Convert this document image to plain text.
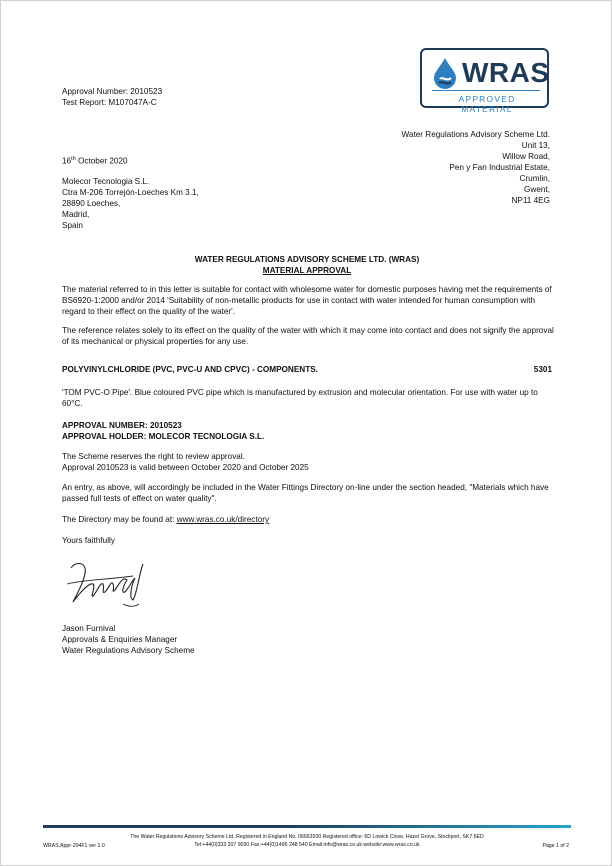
WRAS
APPROVED MATERIAL
Approval Number: 2010523
Test Report: M107047A-C

Water Regulations Advisory Scheme Ltd.

Unit 13,

Willow Road,

Pen y Fan Industrial Estate,

Crumlin,

Gwent,

NP11 4EG

16th October 2020

Molecor Tecnologia S.L.

Ctra M-206 Torrejón-Loeches Km 3.1,

28890 Loeches,

Madrid,

Spain

WATER REGULATIONS ADVISORY SCHEME LTD. (WRAS)
MATERIAL APPROVAL

The material referred to in this letter is suitable for contact with wholesome water for domestic purposes having met the requirements of BS6920-1:2000 and/or 2014 'Suitability of non-metallic products for use in contact with water intended for human consumption with regard to their effect on the quality of the water'.

The reference relates solely to its effect on the quality of the water with which it may come into contact and does not signify the approval of its mechanical or physical properties for any use.

POLYVINYLCHLORIDE (PVC, PVC-U AND CPVC) - COMPONENTS.	5301

'TOM PVC-O Pipe'. Blue coloured PVC pipe which is manufactured by extrusion and molecular orientation. For use with water up to 60°C.

APPROVAL NUMBER: 2010523
APPROVAL HOLDER: MOLECOR TECNOLOGIA S.L.
The Scheme reserves the right to review approval.
Approval 2010523 is valid between October 2020 and October 2025

An entry, as above, will accordingly be included in the Water Fittings Directory on-line under the section headed, "Materials which have passed full tests of effect on water quality".

The Directory may be found at: www.wras.co.uk/directory
Yours faithfully
Jason Furnival
Approvals & Enquiries Manager
Water Regulations Advisory Scheme
The Water Regulations Advisory Scheme Ltd. Registered in England No. 06663930 Registered office: 6D Lowick Close, Hazel Grove, Stockport, SK7 5ED
Tel:+44(0)333 207 9030 Fax:+44(0)1495 248 540 Email:info@wras.co.uk website:www.wras.co.uk
WRAS.Appr-204F1 ver 1.0	Page 1 of 2
